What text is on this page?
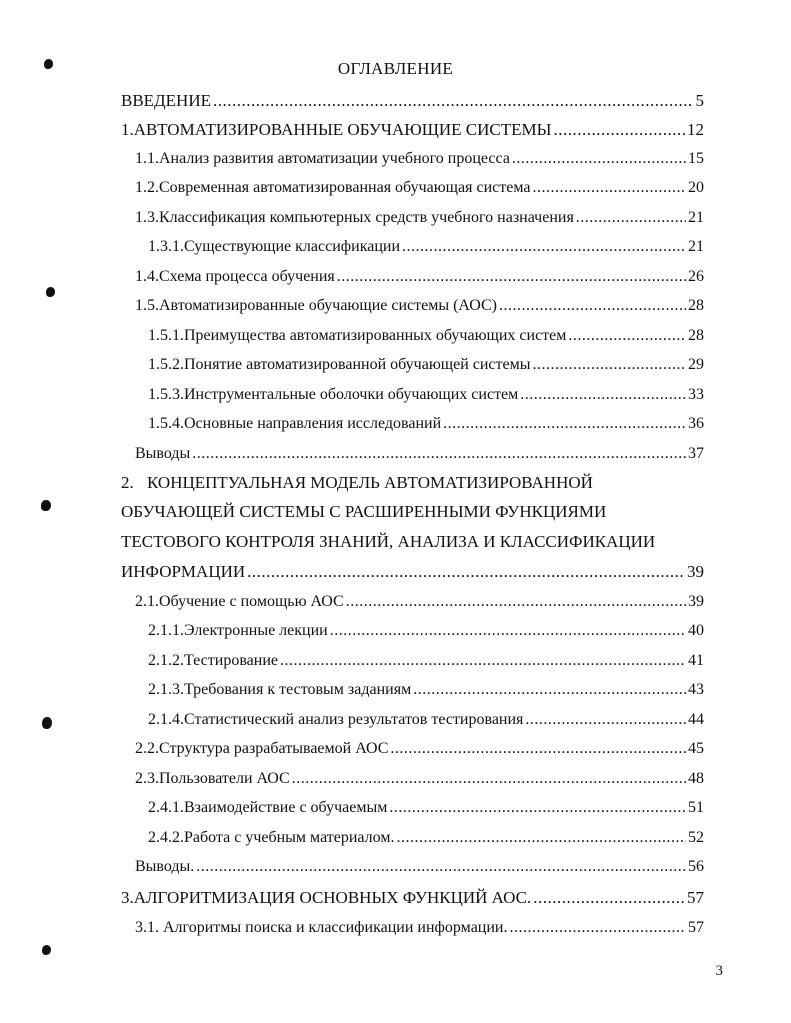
ОГЛАВЛЕНИЕ
ВВЕДЕНИЕ .....	5
1. АВТОМАТИЗИРОВАННЫЕ ОБУЧАЮЩИЕ СИСТЕМЫ .....	12
1.1. Анализ развития автоматизации учебного процесса .....	15
1.2. Современная автоматизированная обучающая система .....	20
1.3. Классификация компьютерных средств учебного назначения .....	21
1.3.1. Существующие классификации .....	21
1.4. Схема процесса обучения .....	26
1.5. Автоматизированные обучающие системы (АОС) .....	28
1.5.1. Преимущества автоматизированных обучающих систем .....	28
1.5.2. Понятие автоматизированной обучающей системы .....	29
1.5.3. Инструментальные оболочки обучающих систем .....	33
1.5.4. Основные направления исследований .....	36
Выводы .....	37
2. КОНЦЕПТУАЛЬНАЯ МОДЕЛЬ АВТОМАТИЗИРОВАННОЙ
ОБУЧАЮЩЕЙ СИСТЕМЫ С РАСШИРЕННЫМИ ФУНКЦИЯМИ
ТЕСТОВОГО КОНТРОЛЯ ЗНАНИЙ, АНАЛИЗА И КЛАССИФИКАЦИИ
ИНФОРМАЦИИ .....	39
2.1. Обучение с помощью АОС .....	39
2.1.1. Электронные лекции .....	40
2.1.2. Тестирование .....	41
2.1.3. Требования к тестовым заданиям .....	43
2.1.4. Статистический анализ результатов тестирования .....	44
2.2. Структура разрабатываемой АОС .....	45
2.3. Пользователи АОС .....	48
2.4.1. Взаимодействие с обучаемым .....	51
2.4.2. Работа с учебным материалом. .....	52
Выводы. .....	56
3. АЛГОРИТМИЗАЦИЯ ОСНОВНЫХ ФУНКЦИЙ АОС. .....	57
3.1. Алгоритмы поиска и классификации информации. .....	57
3
